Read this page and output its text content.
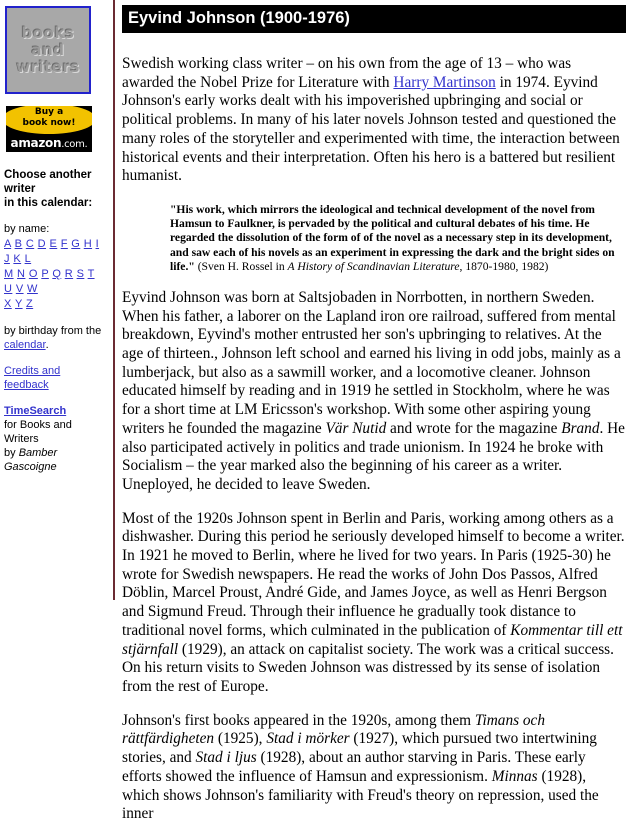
books
and
writers
Buy a
book now!
amazon.com.
Choose another writer
in this calendar:
by name:
A B C D E F G H I J K L
M N O P Q R S T U V W
X Y Z
by birthday from the
calendar.
Credits and feedback
TimeSearch
for Books and Writers
by Bamber Gascoigne
Eyvind Johnson (1900-1976)

Swedish working class writer – on his own from the age of 13 – who was awarded the Nobel Prize for Literature with Harry Martinson in 1974. Eyvind Johnson's early works dealt with his impoverished upbringing and social or political problems. In many of his later novels Johnson tested and questioned the many roles of the storyteller and experimented with time, the interaction between historical events and their interpretation. Often his hero is a battered but resilient humanist.

"His work, which mirrors the ideological and technical development of the novel from Hamsun to Faulkner, is pervaded by the political and cultural debates of his time. He regarded the dissolution of the form of of the novel as a necessary step in its development, and saw each of his novels as an experiment in expressing the dark and the bright sides on life." (Sven H. Rossel in A History of Scandinavian Literature, 1870-1980, 1982)

Eyvind Johnson was born at Saltsjobaden in Norrbotten, in northern Sweden. When his father, a laborer on the Lapland iron ore railroad, suffered from mental breakdown, Eyvind's mother entrusted her son's upbringing to relatives. At the age of thirteen., Johnson left school and earned his living in odd jobs, mainly as a lumberjack, but also as a sawmill worker, and a locomotive cleaner. Johnson educated himself by reading and in 1919 he settled in Stockholm, where he was for a short time at LM Ericsson's workshop. With some other aspiring young writers he founded the magazine Vär Nutid and wrote for the magazine Brand. He also participated actively in politics and trade unionism. In 1924 he broke with Socialism – the year marked also the beginning of his career as a writer. Uneployed, he decided to leave Sweden.

Most of the 1920s Johnson spent in Berlin and Paris, working among others as a dishwasher. During this period he seriously developed himself to become a writer. In 1921 he moved to Berlin, where he lived for two years. In Paris (1925-30) he wrote for Swedish newspapers. He read the works of John Dos Passos, Alfred Döblin, Marcel Proust, André Gide, and James Joyce, as well as Henri Bergson and Sigmund Freud. Through their influence he gradually took distance to traditional novel forms, which culminated in the publication of Kommentar till ett stjärnfall (1929), an attack on capitalist society. The work was a critical success. On his return visits to Sweden Johnson was distressed by its sense of isolation from the rest of Europe.

Johnson's first books appeared in the 1920s, among them Timans och rättfärdigheten (1925), Stad i mörker (1927), which pursued two intertwining stories, and Stad i ljus (1928), about an author starving in Paris. These early efforts showed the influence of Hamsun and expressionism. Minnas (1928), which shows Johnson's familiarity with Freud's theory on repression, used the inner
